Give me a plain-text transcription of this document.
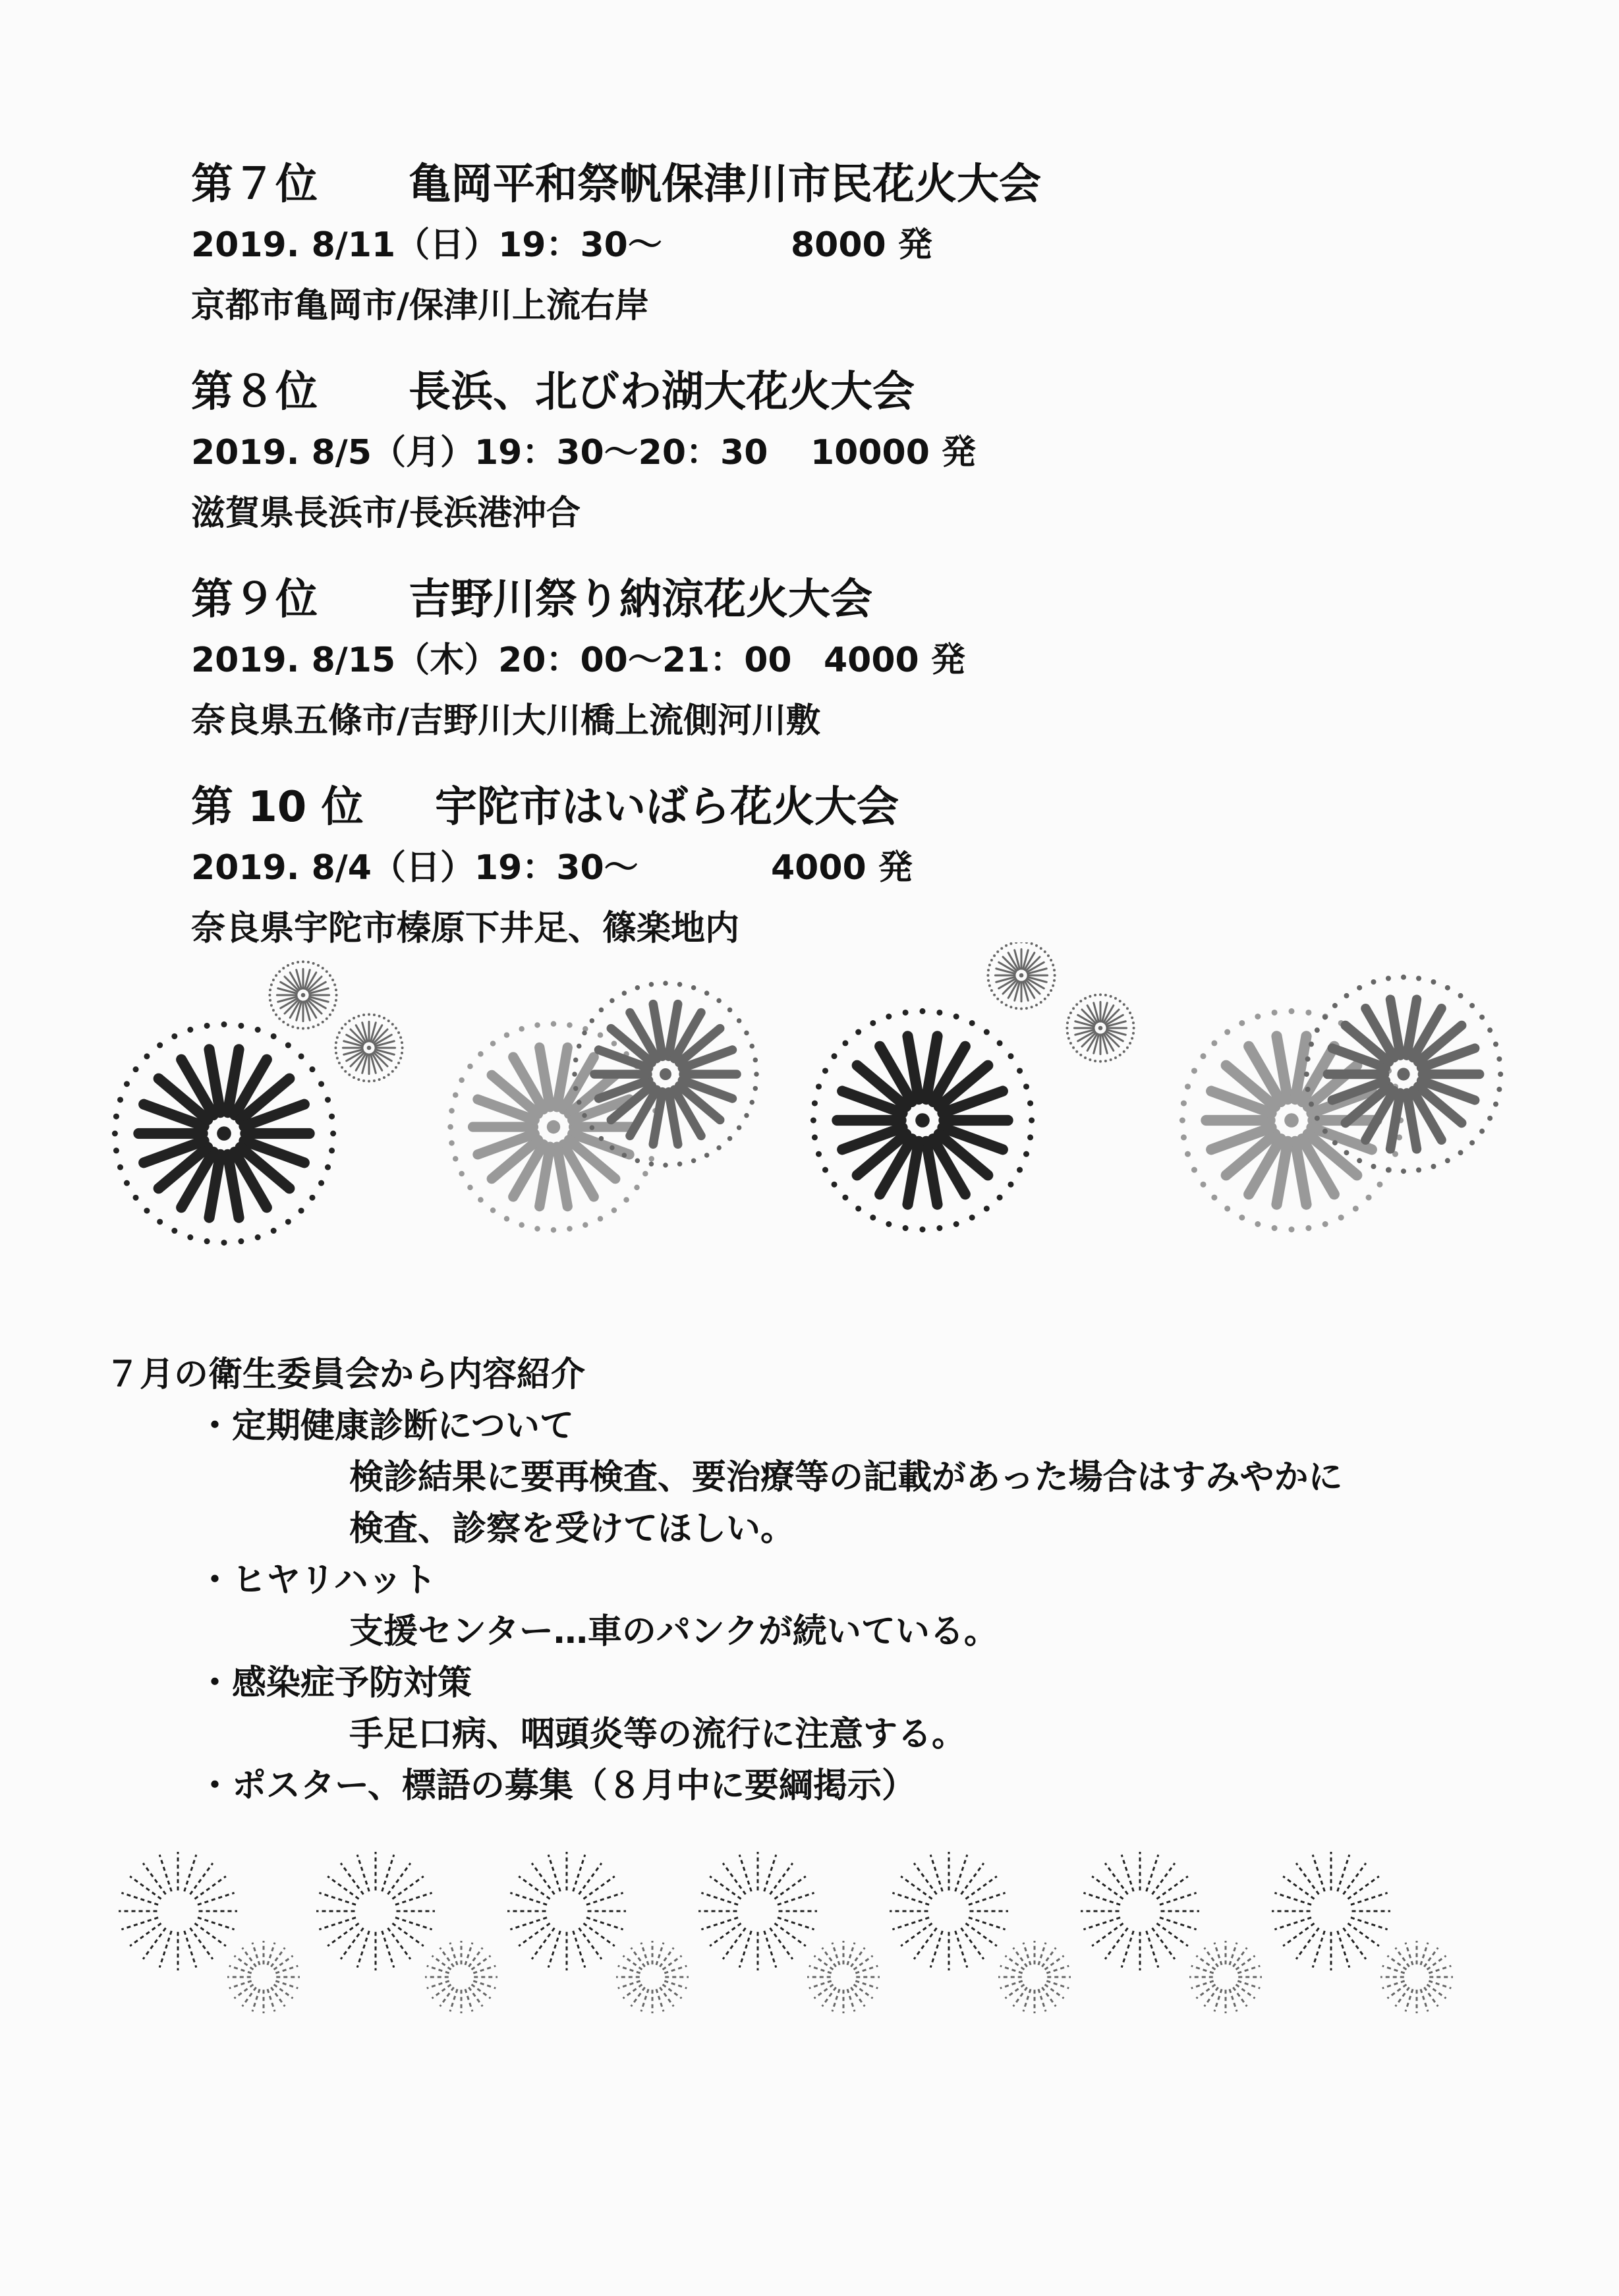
第７位	亀岡平和祭帆保津川市民花火大会
2019. 8/11（日）19：30～	8000 発
京都市亀岡市/保津川上流右岸
第８位	長浜、北びわ湖大花火大会
2019. 8/5（月）19：30～20：30	10000 発
滋賀県長浜市/長浜港沖合
第９位	吉野川祭り納涼花火大会
2019. 8/15（木）20：00～21：00 4000 発
奈良県五條市/吉野川大川橋上流側河川敷
第 10 位	宇陀市はいばら花火大会
2019. 8/4（日）19：30～	4000 発
奈良県宇陀市榛原下井足、篠楽地内
７月の衛生委員会から内容紹介
・定期健康診断について
検診結果に要再検査、要治療等の記載があった場合はすみやかに
検査、診察を受けてほしい。
・ヒヤリハット
支援センター…車のパンクが続いている。
・感染症予防対策
手足口病、咽頭炎等の流行に注意する。
・ポスター、標語の募集（８月中に要綱掲示）
